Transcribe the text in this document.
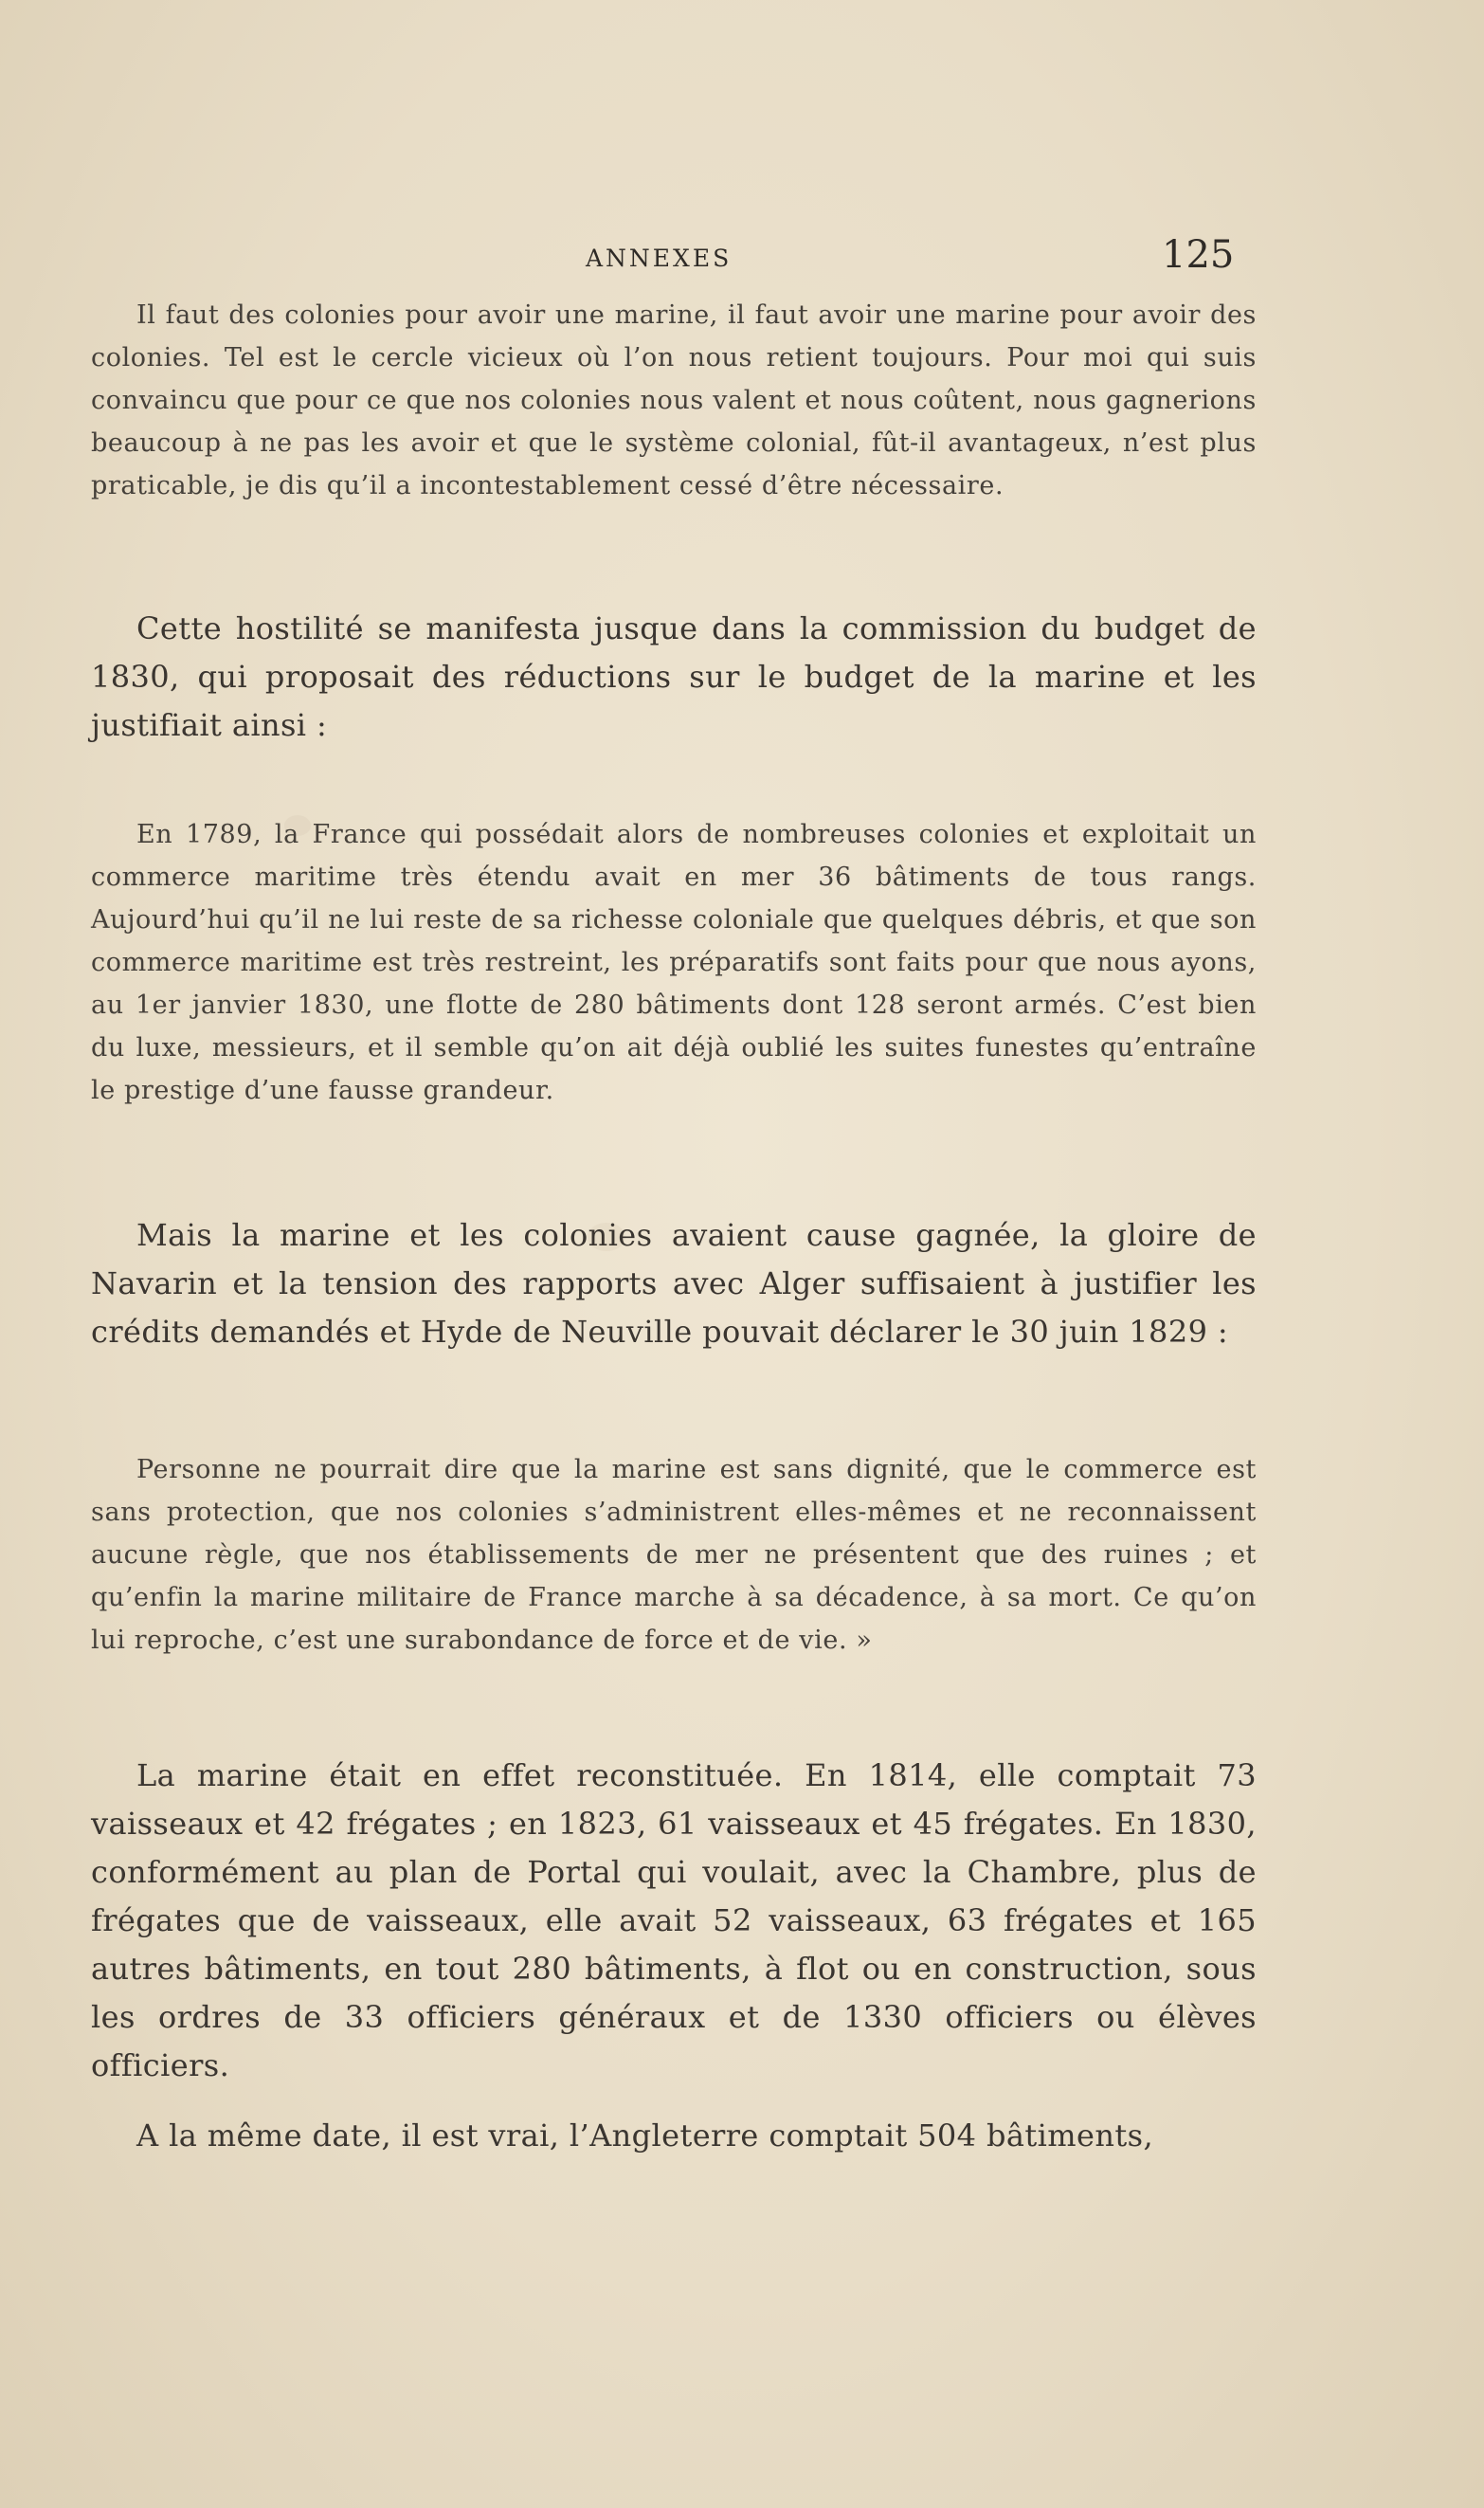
ANNEXES	125

Il faut des colonies pour avoir une marine, il faut avoir une marine pour avoir des colonies. Tel est le cercle vicieux où l’on nous retient toujours. Pour moi qui suis convaincu que pour ce que nos colonies nous valent et nous coûtent, nous gagnerions beaucoup à ne pas les avoir et que le système colonial, fût-il avantageux, n’est plus praticable, je dis qu’il a incontestablement cessé d’être nécessaire.

Cette hostilité se manifesta jusque dans la commission du budget de 1830, qui proposait des réductions sur le budget de la marine et les justifiait ainsi :

En 1789, la France qui possédait alors de nombreuses colonies et exploitait un commerce maritime très étendu avait en mer 36 bâtiments de tous rangs. Aujourd’hui qu’il ne lui reste de sa richesse coloniale que quelques débris, et que son commerce maritime est très restreint, les préparatifs sont faits pour que nous ayons, au 1er janvier 1830, une flotte de 280 bâtiments dont 128 seront armés. C’est bien du luxe, messieurs, et il semble qu’on ait déjà oublié les suites funestes qu’entraîne le prestige d’une fausse grandeur.

Mais la marine et les colonies avaient cause gagnée, la gloire de Navarin et la tension des rapports avec Alger suffisaient à justifier les crédits demandés et Hyde de Neuville pouvait déclarer le 30 juin 1829 :

Personne ne pourrait dire que la marine est sans dignité, que le commerce est sans protection, que nos colonies s’administrent elles-mêmes et ne reconnaissent aucune règle, que nos établissements de mer ne présentent que des ruines ; et qu’enfin la marine militaire de France marche à sa décadence, à sa mort. Ce qu’on lui reproche, c’est une surabondance de force et de vie. »

La marine était en effet reconstituée. En 1814, elle comptait 73 vaisseaux et 42 frégates ; en 1823, 61 vaisseaux et 45 frégates. En 1830, conformément au plan de Portal qui voulait, avec la Chambre, plus de frégates que de vaisseaux, elle avait 52 vaisseaux, 63 frégates et 165 autres bâtiments, en tout 280 bâtiments, à flot ou en construction, sous les ordres de 33 officiers généraux et de 1330 officiers ou élèves officiers.

A la même date, il est vrai, l’Angleterre comptait 504 bâtiments,
